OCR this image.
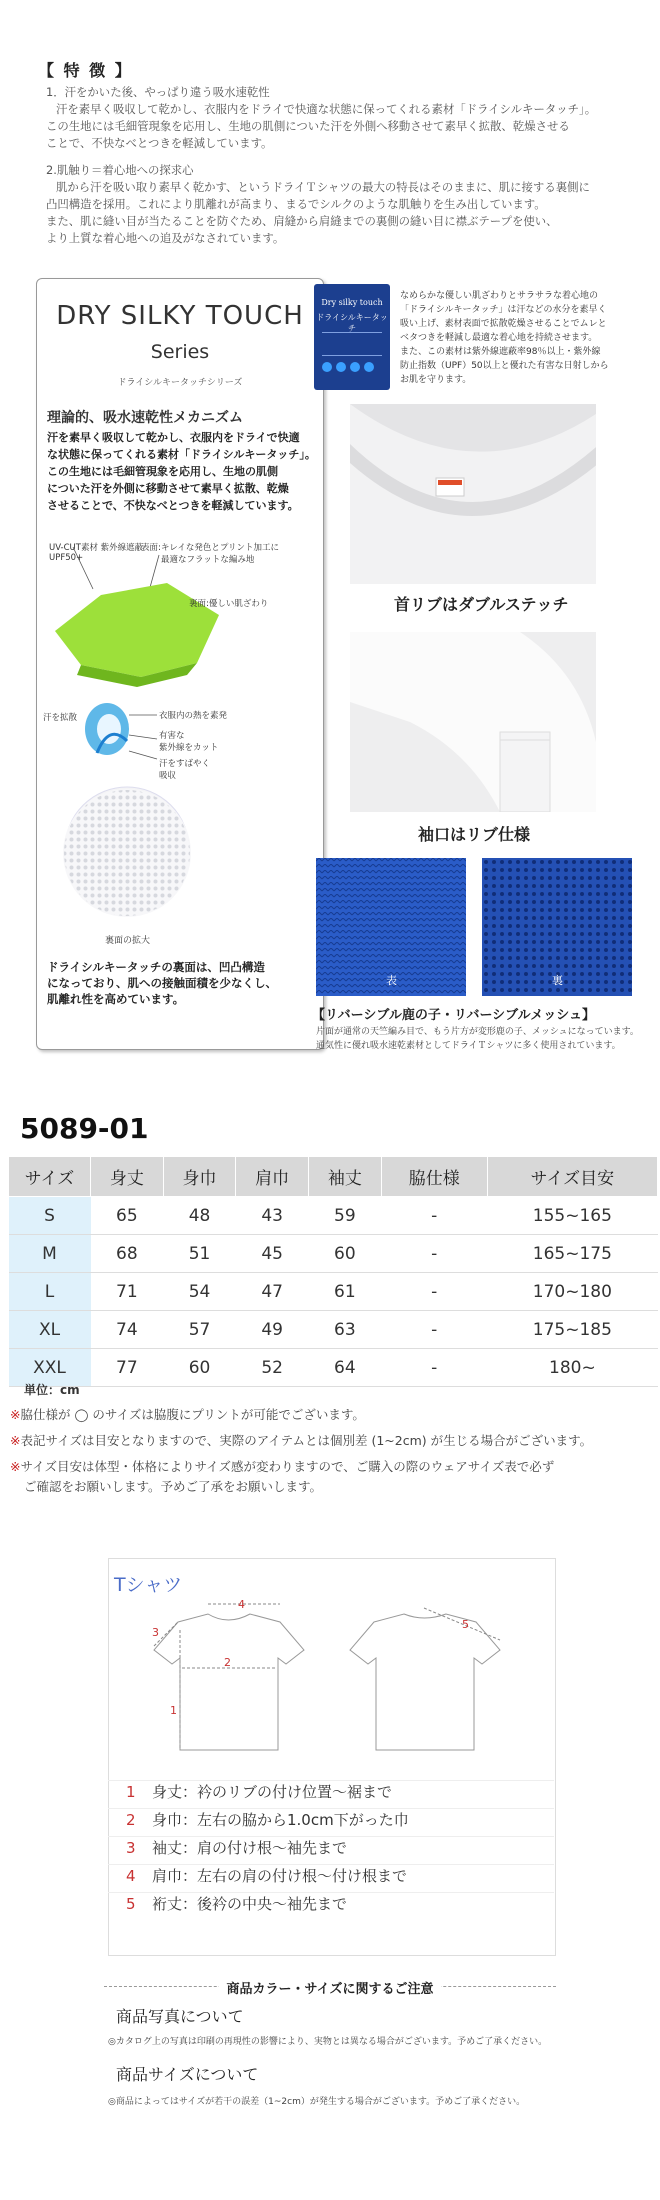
【 特 徴 】
1．汗をかいた後、やっぱり違う吸水速乾性
汗を素早く吸収して乾かし、衣服内をドライで快適な状態に保ってくれる素材「ドライシルキータッチ」。
この生地には毛細管現象を応用し、生地の肌側についた汗を外側へ移動させて素早く拡散、乾燥させる
ことで、不快なべとつきを軽減しています。
2.肌触り＝着心地への探求心
肌から汗を吸い取り素早く乾かす、というドライＴシャツの最大の特長はそのままに、肌に接する裏側に
凸凹構造を採用。これにより肌離れが高まり、まるでシルクのような肌触りを生み出しています。
また、肌に縫い目が当たることを防ぐため、肩縫から肩縫までの裏側の縫い目に襟ぶテープを使い、
より上質な着心地への追及がなされています。
DRY SILKY TOUCH
Series
ドライシルキータッチシリーズ
理論的、吸水速乾性メカニズム
汗を素早く吸収して乾かし、衣服内をドライで快適
な状態に保ってくれる素材「ドライシルキータッチ」。
この生地には毛細管現象を応用し、生地の肌側
についた汗を外側に移動させて素早く拡散、乾燥
させることで、不快なべとつきを軽減しています。
UV-CUT素材 紫外線遮蔽
UPF50+
表面:キレイな発色とプリント加工に
最適なフラットな編み地
裏面:優しい肌ざわり
汗を拡散	衣服内の熱を素発
有害な
紫外線をカット
汗をすばやく
吸収
裏面の拡大
ドライシルキータッチの裏面は、凹凸構造
になっており、肌への接触面積を少なくし、
肌離れ性を高めています。
Dry silky touch
ドライシルキータッチ
なめらかな優しい肌ざわりとサラサラな着心地の
「ドライシルキータッチ」は汗などの水分を素早く
吸い上げ、素材表面で拡散乾燥させることでムレと
ベタつきを軽減し最適な着心地を持続させます。
また、この素材は紫外線遮蔽率98％以上・紫外線
防止指数（UPF）50以上と優れた有害な日射しから
お肌を守ります。
首リブはダブルステッチ
袖口はリブ仕様
表	裏
【リバーシブル鹿の子・リバーシブルメッシュ】
片面が通常の天竺編み目で、もう片方が変形鹿の子、メッシュになっています。
通気性に優れ吸水速乾素材としてドライＴシャツに多く使用されています。
5089-01
サイズ	身丈	身巾	肩巾	袖丈	脇仕様	サイズ目安
S	65	48	43	59	-	155~165
M	68	51	45	60	-	165~175
L	71	54	47	61	-	170~180
XL	74	57	49	63	-	175~185
XXL	77	60	52	64	-	180~
単位：cm
※脇仕様が ◯ のサイズは脇腹にプリントが可能でございます。
※表記サイズは目安となりますので、実際のアイテムとは個別差 (1~2cm) が生じる場合がございます。
※サイズ目安は体型・体格によりサイズ感が変わりますので、ご購入の際のウェアサイズ表で必ず
ご確認をお願いします。予めご了承をお願いします。
Tシャツ
4
3
2
1
5
1 身丈：衿のリブの付け位置～裾まで
2 身巾：左右の脇から1.0cm下がった巾
3 袖丈：肩の付け根～袖先まで
4 肩巾：左右の肩の付け根～付け根まで
5 裄丈：後衿の中央～袖先まで
商品カラー・サイズに関するご注意
商品写真について
◎カタログ上の写真は印刷の再現性の影響により、実物とは異なる場合がございます。予めご了承ください。
商品サイズについて
◎商品によってはサイズが若干の誤差（1~2cm）が発生する場合がございます。予めご了承ください。
